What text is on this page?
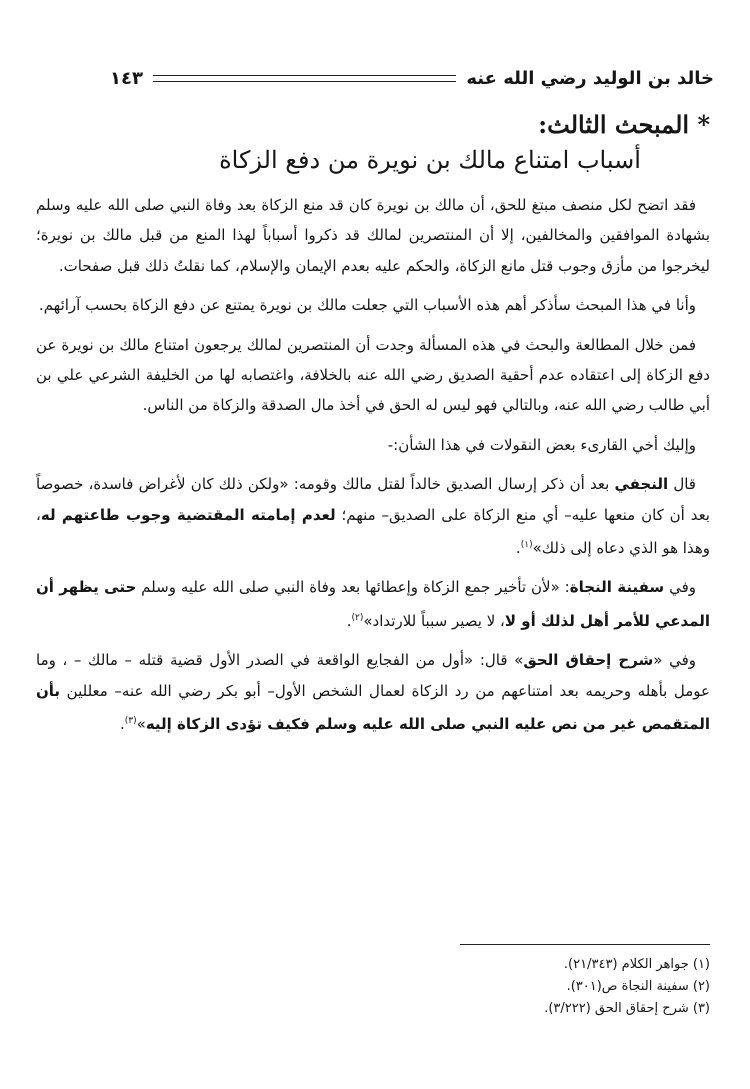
خالد بن الوليد رضي الله عنه
١٤٣
* المبحث الثالث:
أسباب امتناع مالك بن نويرة من دفع الزكاة

فقد اتضح لكل منصف مبتغ للحق، أن مالك بن نويرة كان قد منع الزكاة بعد وفاة النبي صلى الله عليه وسلم بشهادة الموافقين والمخالفين، إلا أن المنتصرين لمالك قد ذكروا أسباباً لهذا المنع من قبل مالك بن نويرة؛ ليخرجوا من مأزق وجوب قتل مانع الزكاة، والحكم عليه بعدم الإيمان والإسلام، كما نقلتُ ذلك قبل صفحات.

وأنا في هذا المبحث سأذكر أهم هذه الأسباب التي جعلت مالك بن نويرة يمتنع عن دفع الزكاة بحسب آرائهم.

فمن خلال المطالعة والبحث في هذه المسألة وجدت أن المنتصرين لمالك يرجعون امتناع مالك بن نويرة عن دفع الزكاة إلى اعتقاده عدم أحقية الصديق رضي الله عنه بالخلافة، واغتصابه لها من الخليفة الشرعي علي بن أبي طالب رضي الله عنه، وبالتالي فهو ليس له الحق في أخذ مال الصدقة والزكاة من الناس.

وإليك أخي القارىء بعض النقولات في هذا الشأن:-

قال النجفي بعد أن ذكر إرسال الصديق خالداً لقتل مالك وقومه: «ولكن ذلك كان لأغراض فاسدة، خصوصاً بعد أن كان منعها عليه– أي منع الزكاة على الصديق– منهم؛ لعدم إمامته المقتضية وجوب طاعتهم له، وهذا هو الذي دعاه إلى ذلك»$^{(١)}$.

وفي سفينة النجاة: «لأن تأخير جمع الزكاة وإعطائها بعد وفاة النبي صلى الله عليه وسلم حتى يظهر أن المدعي للأمر أهل لذلك أو لا، لا يصير سبباً للارتداد»$^{(٢)}$.

وفي «شرح إحقاق الحق» قال: «أول من الفجايع الواقعة في الصدر الأول قضية قتله – مالك – ، وما عومل بأهله وحريمه بعد امتناعهم من رد الزكاة لعمال الشخص الأول– أبو بكر رضي الله عنه– معللين بأن المتقمص غير من نص عليه النبي صلى الله عليه وسلم فكيف تؤدى الزكاة إليه»$^{(٣)}$.

(١) جواهر الكلام (٢١/٣٤٣).
(٢) سفينة النجاة ص(٣٠١).
(٣) شرح إحقاق الحق (٣/٢٢٢).
